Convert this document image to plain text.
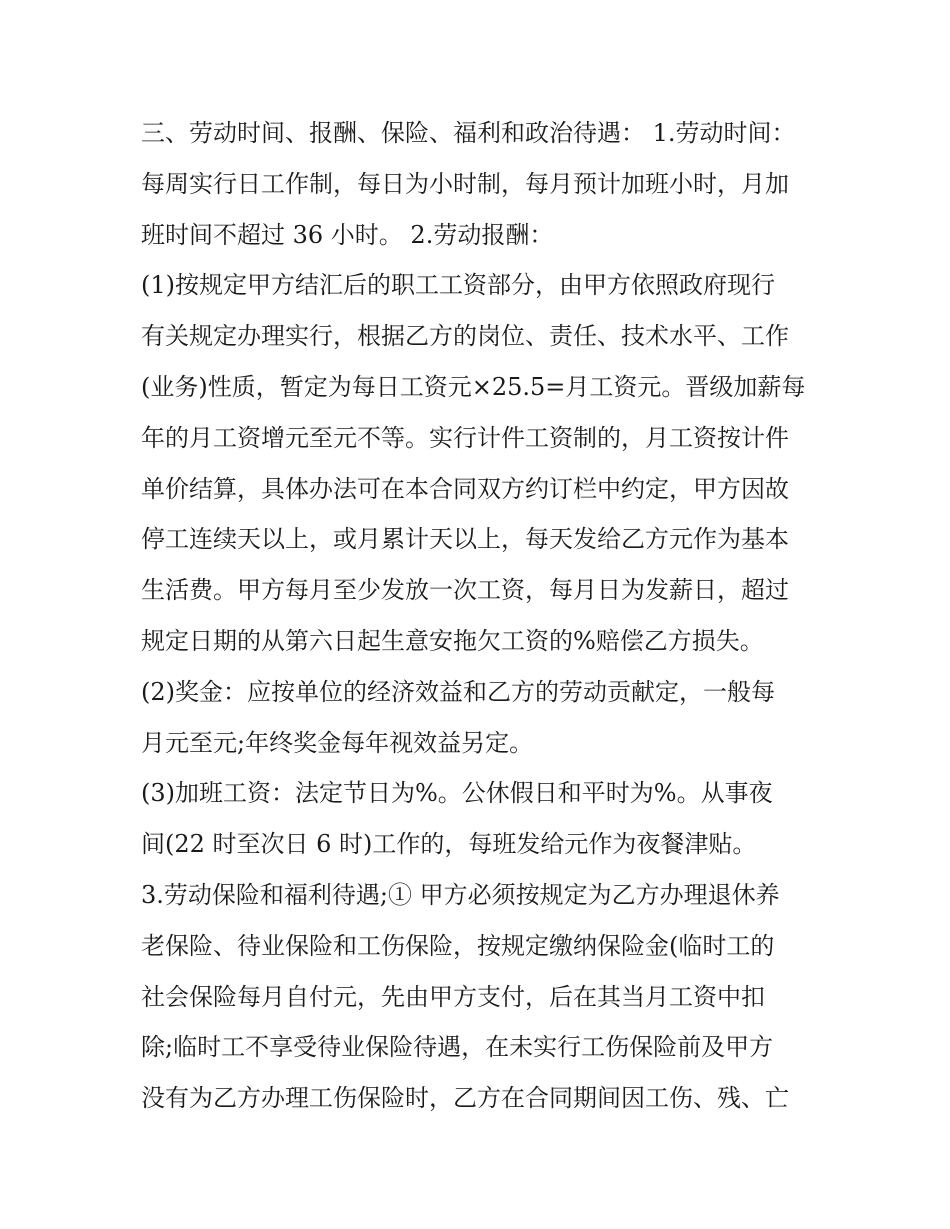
三、劳动时间、报酬、保险、福利和政治待遇： 1.劳动时间：
每周实行日工作制，每日为小时制，每月预计加班小时，月加
班时间不超过 36 小时。 2.劳动报酬：
(1)按规定甲方结汇后的职工工资部分，由甲方依照政府现行
有关规定办理实行，根据乙方的岗位、责任、技术水平、工作
(业务)性质，暂定为每日工资元×25.5=月工资元。晋级加薪每
年的月工资增元至元不等。实行计件工资制的，月工资按计件
单价结算，具体办法可在本合同双方约订栏中约定，甲方因故
停工连续天以上，或月累计天以上，每天发给乙方元作为基本
生活费。甲方每月至少发放一次工资，每月日为发薪日，超过
规定日期的从第六日起生意安拖欠工资的%赔偿乙方损失。
(2)奖金：应按单位的经济效益和乙方的劳动贡献定，一般每
月元至元;年终奖金每年视效益另定。
(3)加班工资：法定节日为%。公休假日和平时为%。从事夜
间(22 时至次日 6 时)工作的，每班发给元作为夜餐津贴。
3.劳动保险和福利待遇;① 甲方必须按规定为乙方办理退休养
老保险、待业保险和工伤保险，按规定缴纳保险金(临时工的
社会保险每月自付元，先由甲方支付，后在其当月工资中扣
除;临时工不享受待业保险待遇，在未实行工伤保险前及甲方
没有为乙方办理工伤保险时，乙方在合同期间因工伤、残、亡
